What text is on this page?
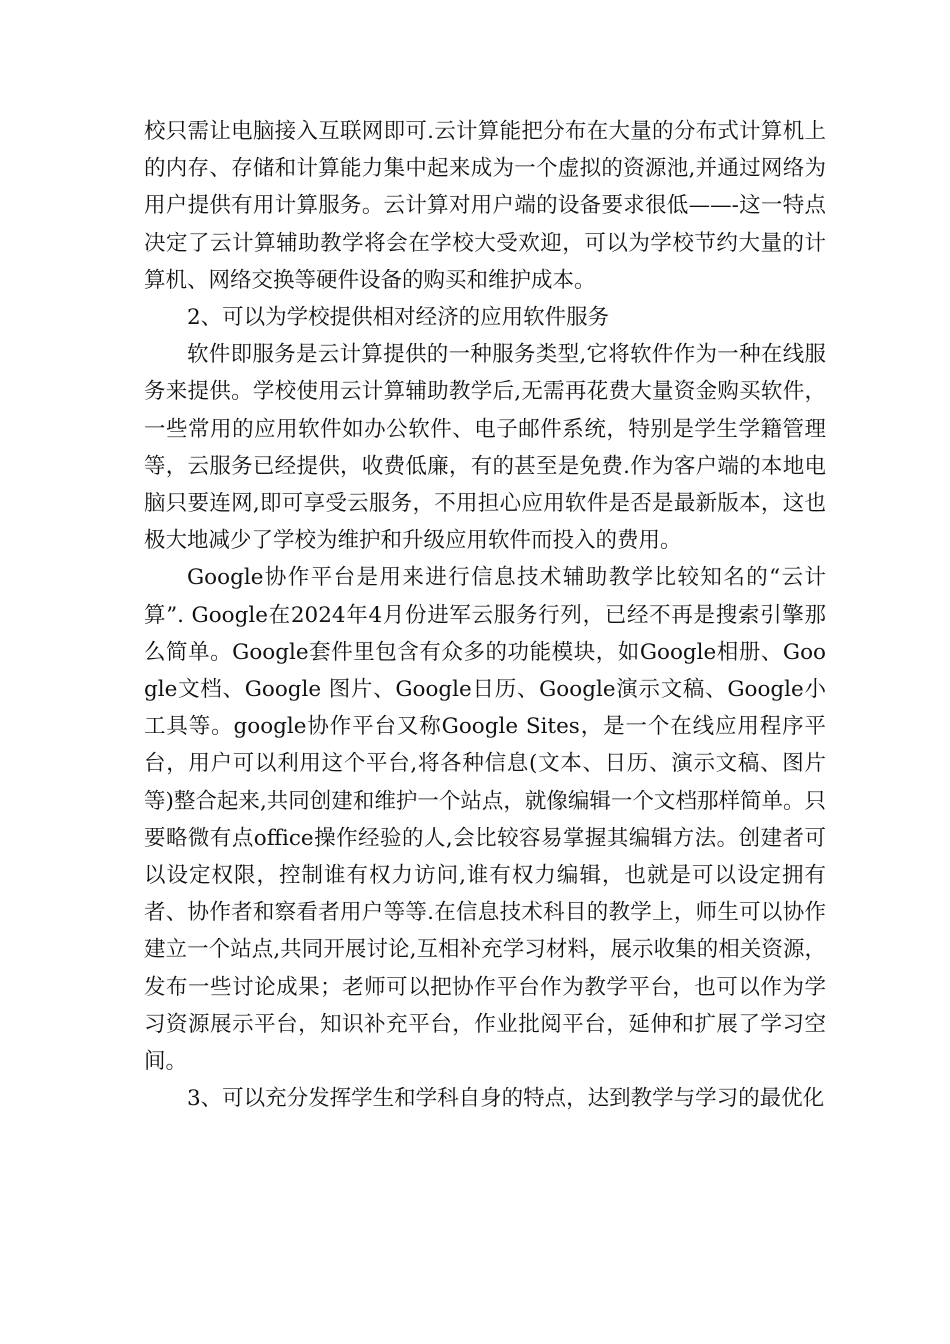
校只需让电脑接入互联网即可.云计算能把分布在大量的分布式计算机上的内存、存储和计算能力集中起来成为一个虚拟的资源池,并通过网络为用户提供有用计算服务。云计算对用户端的设备要求很低——-这一特点决定了云计算辅助教学将会在学校大受欢迎，可以为学校节约大量的计算机、网络交换等硬件设备的购买和维护成本。

2、可以为学校提供相对经济的应用软件服务

软件即服务是云计算提供的一种服务类型,它将软件作为一种在线服务来提供。学校使用云计算辅助教学后,无需再花费大量资金购买软件，一些常用的应用软件如办公软件、电子邮件系统，特别是学生学籍管理等，云服务已经提供，收费低廉，有的甚至是免费.作为客户端的本地电脑只要连网,即可享受云服务，不用担心应用软件是否是最新版本，这也极大地减少了学校为维护和升级应用软件而投入的费用。

Google协作平台是用来进行信息技术辅助教学比较知名的“云计算”. Google在2024年4月份进军云服务行列，已经不再是搜索引擎那么简单。Google套件里包含有众多的功能模块，如Google相册、Google文档、Google 图片、Google日历、Google演示文稿、Google小工具等。google协作平台又称Google Sites，是一个在线应用程序平台，用户可以利用这个平台,将各种信息(文本、日历、演示文稿、图片等)整合起来,共同创建和维护一个站点，就像编辑一个文档那样简单。只要略微有点office操作经验的人,会比较容易掌握其编辑方法。创建者可以设定权限，控制谁有权力访问,谁有权力编辑，也就是可以设定拥有者、协作者和察看者用户等等.在信息技术科目的教学上，师生可以协作建立一个站点,共同开展讨论,互相补充学习材料，展示收集的相关资源，发布一些讨论成果；老师可以把协作平台作为教学平台，也可以作为学习资源展示平台，知识补充平台，作业批阅平台，延伸和扩展了学习空间。

3、可以充分发挥学生和学科自身的特点，达到教学与学习的最优化
